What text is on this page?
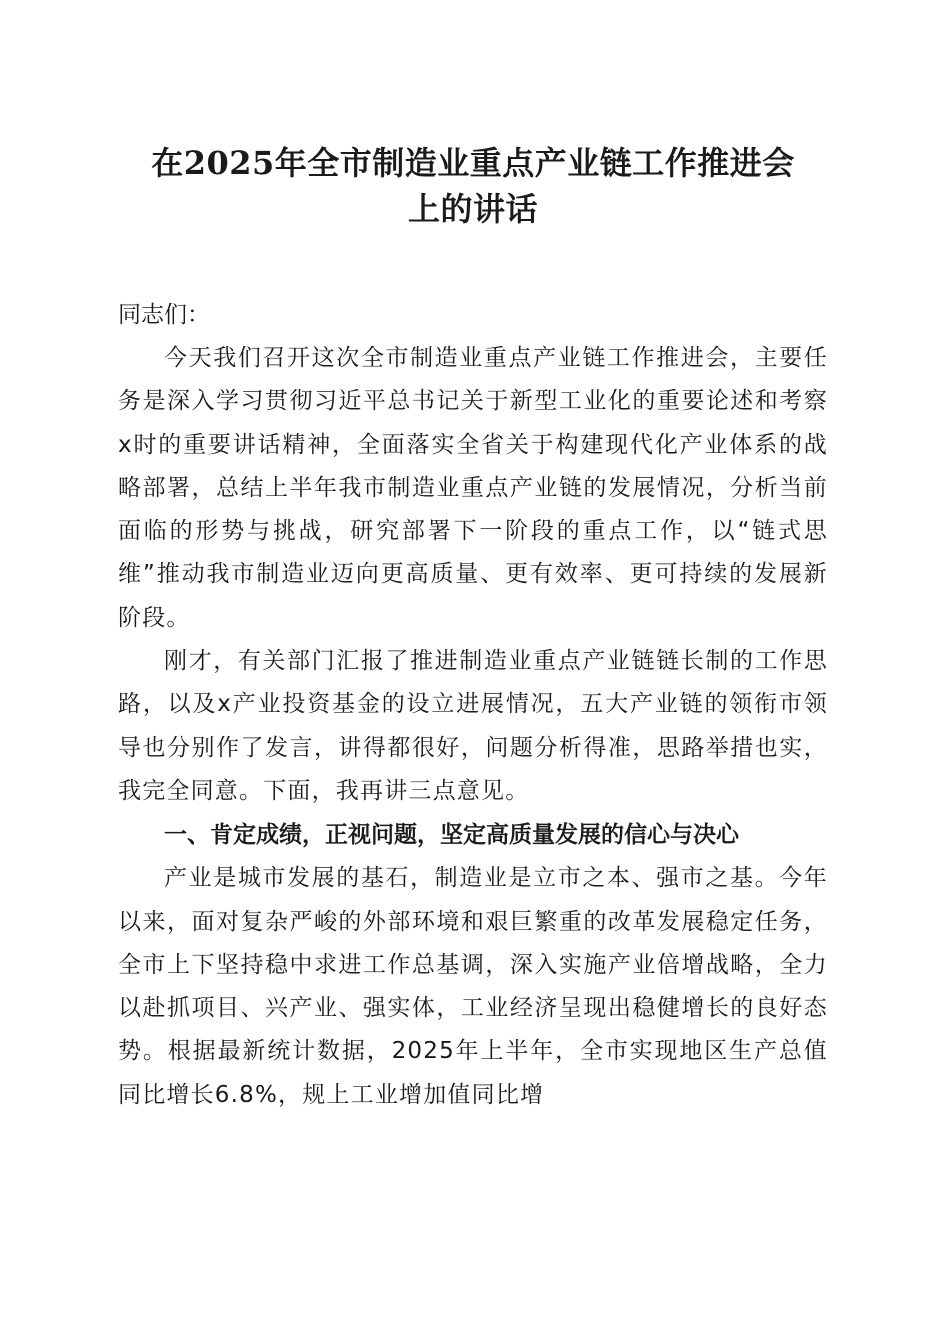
在2025年全市制造业重点产业链工作推进会
上的讲话

同志们：

今天我们召开这次全市制造业重点产业链工作推进会，主要任务是深入学习贯彻习近平总书记关于新型工业化的重要论述和考察x时的重要讲话精神，全面落实全省关于构建现代化产业体系的战略部署，总结上半年我市制造业重点产业链的发展情况，分析当前面临的形势与挑战，研究部署下一阶段的重点工作，以“链式思维”推动我市制造业迈向更高质量、更有效率、更可持续的发展新阶段。

刚才，有关部门汇报了推进制造业重点产业链链长制的工作思路，以及x产业投资基金的设立进展情况，五大产业链的领衔市领导也分别作了发言，讲得都很好，问题分析得准，思路举措也实，我完全同意。下面，我再讲三点意见。

一、肯定成绩，正视问题，坚定高质量发展的信心与决心

产业是城市发展的基石，制造业是立市之本、强市之基。今年以来，面对复杂严峻的外部环境和艰巨繁重的改革发展稳定任务，全市上下坚持稳中求进工作总基调，深入实施产业倍增战略，全力以赴抓项目、兴产业、强实体，工业经济呈现出稳健增长的良好态势。根据最新统计数据，2025年上半年，全市实现地区生产总值同比增长6.8%，规上工业增加值同比增
